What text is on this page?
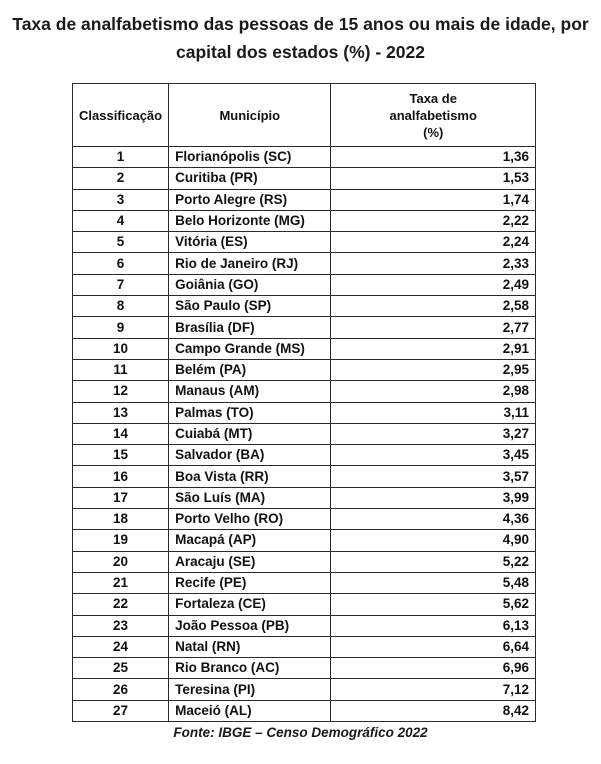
Taxa de analfabetismo das pessoas de 15 anos ou mais de idade, por
capital dos estados (%) - 2022
Classificação	Município	Taxa de
analfabetismo
(%)

1	Florianópolis (SC)	1,36
2	Curitiba (PR)	1,53
3	Porto Alegre (RS)	1,74
4	Belo Horizonte (MG)	2,22
5	Vitória (ES)	2,24
6	Rio de Janeiro (RJ)	2,33
7	Goiânia (GO)	2,49
8	São Paulo (SP)	2,58
9	Brasília (DF)	2,77
10	Campo Grande (MS)	2,91
11	Belém (PA)	2,95
12	Manaus (AM)	2,98
13	Palmas (TO)	3,11
14	Cuiabá (MT)	3,27
15	Salvador (BA)	3,45
16	Boa Vista (RR)	3,57
17	São Luís (MA)	3,99
18	Porto Velho (RO)	4,36
19	Macapá (AP)	4,90
20	Aracaju (SE)	5,22
21	Recife (PE)	5,48
22	Fortaleza (CE)	5,62
23	João Pessoa (PB)	6,13
24	Natal (RN)	6,64
25	Rio Branco (AC)	6,96
26	Teresina (PI)	7,12
27	Maceió (AL)	8,42
Fonte: IBGE – Censo Demográfico 2022
